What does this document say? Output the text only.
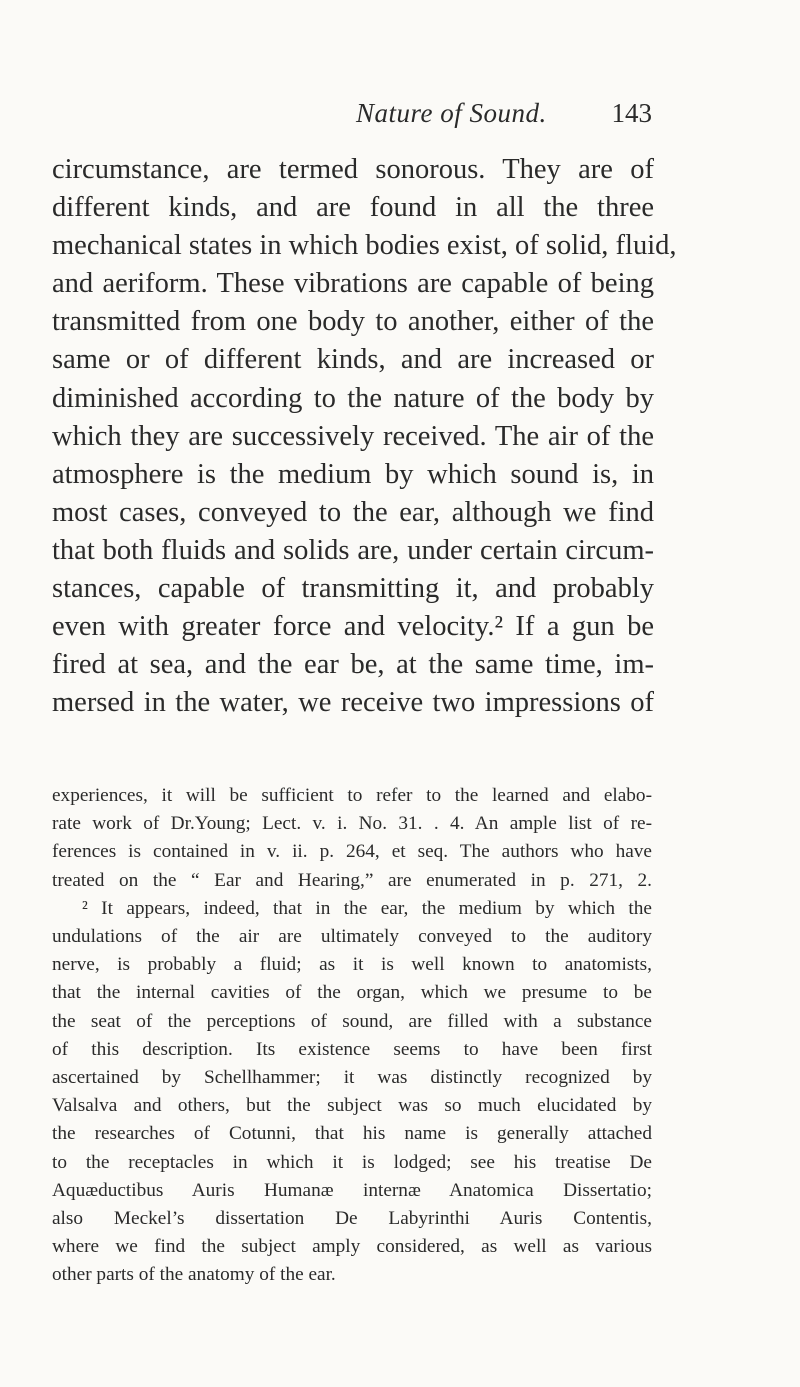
Nature of Sound. 143
circumstance, are termed sonorous. They are of
different kinds, and are found in all the three
mechanical states in which bodies exist, of solid, fluid,
and aeriform. These vibrations are capable of being
transmitted from one body to another, either of the
same or of different kinds, and are increased or
diminished according to the nature of the body by
which they are successively received. The air of the
atmosphere is the medium by which sound is, in
most cases, conveyed to the ear, although we find
that both fluids and solids are, under certain circum-
stances, capable of transmitting it, and probably
even with greater force and velocity.² If a gun be
fired at sea, and the ear be, at the same time, im-
mersed in the water, we receive two impressions of
experiences, it will be sufficient to refer to the learned and elabo-
rate work of Dr.Young; Lect. v. i. No. 31. . 4. An ample list of re-
ferences is contained in v. ii. p. 264, et seq. The authors who have
treated on the “ Ear and Hearing,” are enumerated in p. 271, 2.
² It appears, indeed, that in the ear, the medium by which the
undulations of the air are ultimately conveyed to the auditory
nerve, is probably a fluid; as it is well known to anatomists,
that the internal cavities of the organ, which we presume to be
the seat of the perceptions of sound, are filled with a substance
of this description. Its existence seems to have been first
ascertained by Schellhammer; it was distinctly recognized by
Valsalva and others, but the subject was so much elucidated by
the researches of Cotunni, that his name is generally attached
to the receptacles in which it is lodged; see his treatise De
Aquæductibus Auris Humanæ internæ Anatomica Dissertatio;
also Meckel’s dissertation De Labyrinthi Auris Contentis,
where we find the subject amply considered, as well as various
other parts of the anatomy of the ear.
